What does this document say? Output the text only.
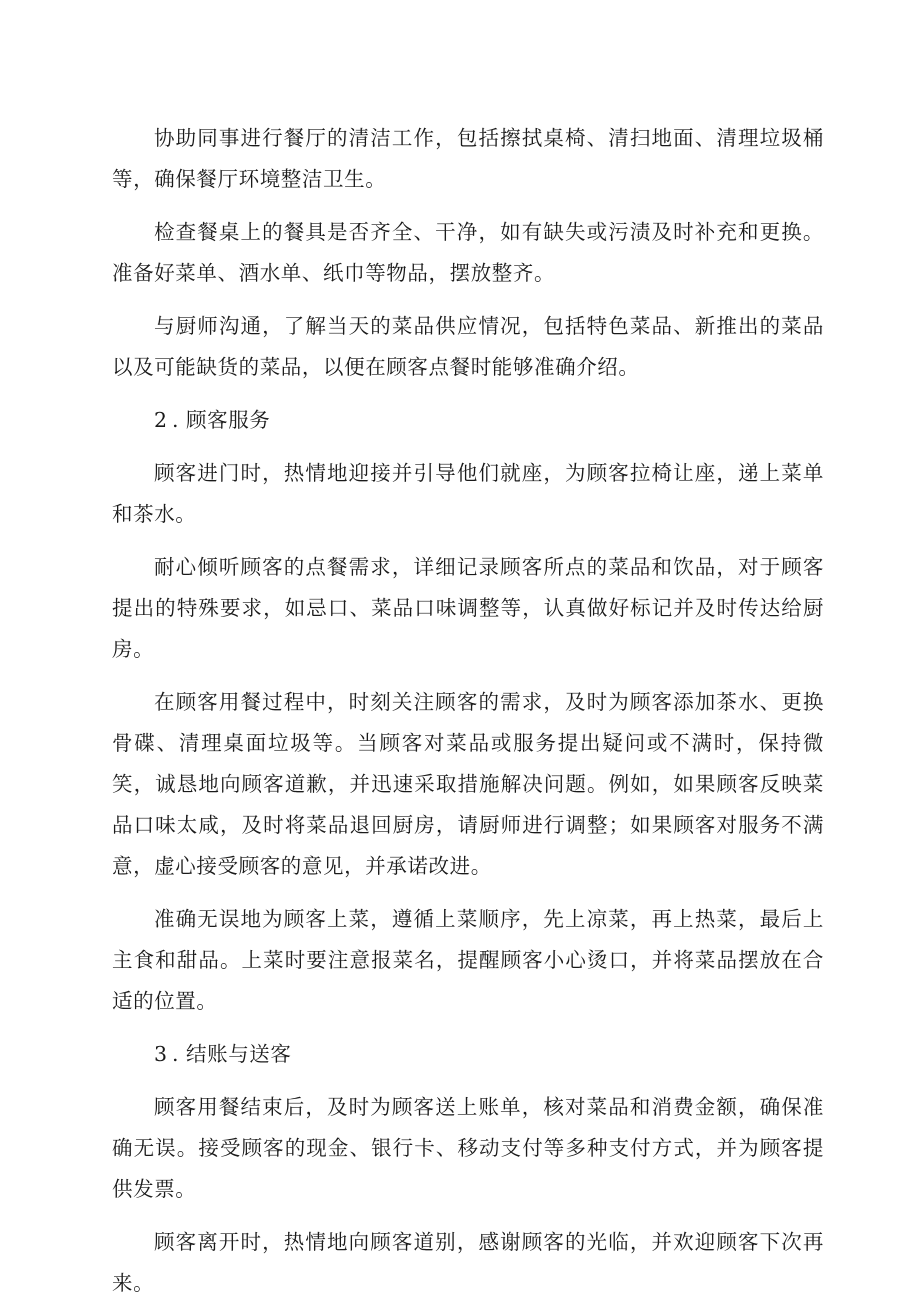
协助同事进行餐厅的清洁工作，包括擦拭桌椅、清扫地面、清理垃圾桶等，确保餐厅环境整洁卫生。

检查餐桌上的餐具是否齐全、干净，如有缺失或污渍及时补充和更换。准备好菜单、酒水单、纸巾等物品，摆放整齐。

与厨师沟通，了解当天的菜品供应情况，包括特色菜品、新推出的菜品以及可能缺货的菜品，以便在顾客点餐时能够准确介绍。

2 . 顾客服务

顾客进门时，热情地迎接并引导他们就座，为顾客拉椅让座，递上菜单和茶水。

耐心倾听顾客的点餐需求，详细记录顾客所点的菜品和饮品，对于顾客提出的特殊要求，如忌口、菜品口味调整等，认真做好标记并及时传达给厨房。

在顾客用餐过程中，时刻关注顾客的需求，及时为顾客添加茶水、更换骨碟、清理桌面垃圾等。当顾客对菜品或服务提出疑问或不满时，保持微笑，诚恳地向顾客道歉，并迅速采取措施解决问题。例如，如果顾客反映菜品口味太咸，及时将菜品退回厨房，请厨师进行调整；如果顾客对服务不满意，虚心接受顾客的意见，并承诺改进。

准确无误地为顾客上菜，遵循上菜顺序，先上凉菜，再上热菜，最后上主食和甜品。上菜时要注意报菜名，提醒顾客小心烫口，并将菜品摆放在合适的位置。

3 . 结账与送客

顾客用餐结束后，及时为顾客送上账单，核对菜品和消费金额，确保准确无误。接受顾客的现金、银行卡、移动支付等多种支付方式，并为顾客提供发票。

顾客离开时，热情地向顾客道别，感谢顾客的光临，并欢迎顾客下次再来。
